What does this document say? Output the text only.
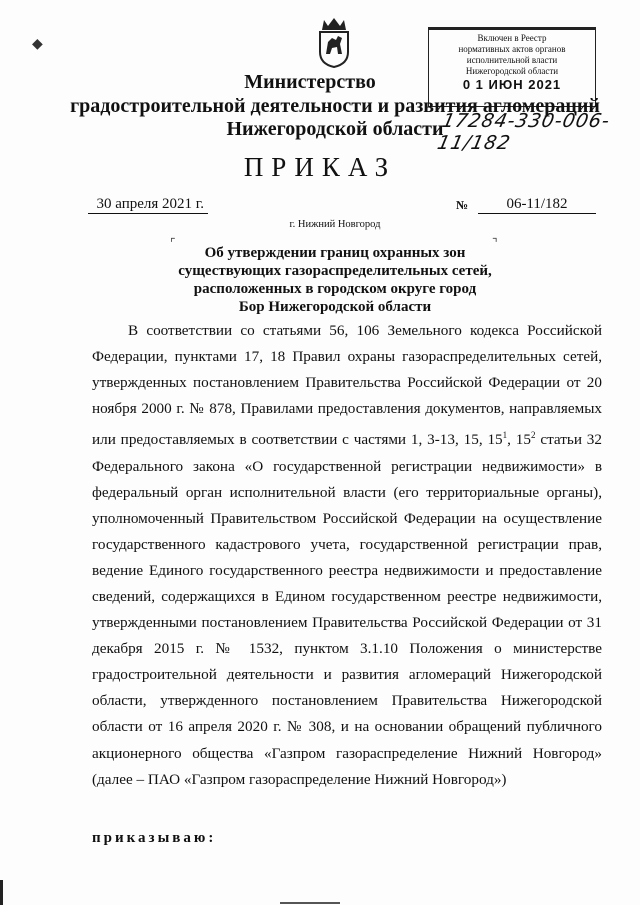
Включен в Реестр
нормативных актов органов
исполнительной власти
Нижегородской области
0 1 ИЮН 2021
Министерство
градостроительной деятельности и развития агломераций
Нижегородской области
17284-330-006-11/182
ПРИКАЗ
30 апреля 2021 г.	№	06-11/182
г. Нижний Новгород
⌜	⌝
Об утверждении границ охранных зон
существующих газораспределительных сетей,
расположенных в городском округе город
Бор Нижегородской области

В соответствии со статьями 56, 106 Земельного кодекса Российской Федерации, пунктами 17, 18 Правил охраны газораспределительных сетей, утвержденных постановлением Правительства Российской Федерации от 20 ноября 2000 г. № 878, Правилами предоставления документов, направляемых или предоставляемых в соответствии с частями 1, 3-13, 15, $15^1$, $15^2$ статьи 32 Федерального закона «О государственной регистрации недвижимости» в федеральный орган исполнительной власти (его территориальные органы), уполномоченный Правительством Российской Федерации на осуществление государственного кадастрового учета, государственной регистрации прав, ведение Единого государственного реестра недвижимости и предоставление сведений, содержащихся в Едином государственном реестре недвижимости, утвержденными постановлением Правительства Российской Федерации от 31 декабря 2015 г. № 1532, пунктом 3.1.10 Положения о министерстве градостроительной деятельности и развития агломераций Нижегородской области, утвержденного постановлением Правительства Нижегородской области от 16 апреля 2020 г. № 308, и на основании обращений публичного акционерного общества «Газпром газораспределение Нижний Новгород» (далее – ПАО «Газпром газораспределение Нижний Новгород»)

приказываю:
◆
